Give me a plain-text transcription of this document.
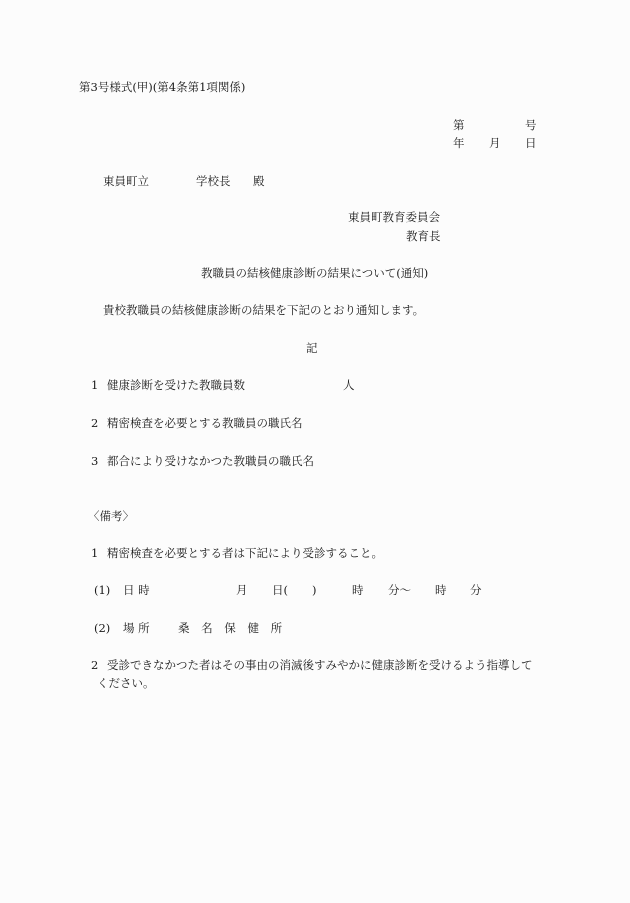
第3号様式(甲)(第4条第1項関係)
第	号
年 月 日
東員町立	学校長 殿
東員町教育委員会
教育長
教職員の結核健康診断の結果について(通知)
貴校教職員の結核健康診断の結果を下記のとおり通知します。
記
1 健康診断を受けた教職員数	人
2 精密検査を必要とする教職員の職氏名
3 都合により受けなかつた教職員の職氏名
〈備考〉
1 精密検査を必要とする者は下記により受診すること。
(1) 日 時	月 日( )	時 分〜 時 分
(2) 場 所 桑 名 保 健 所
2 受診できなかつた者はその事由の消滅後すみやかに健康診断を受けるよう指導して
ください。
